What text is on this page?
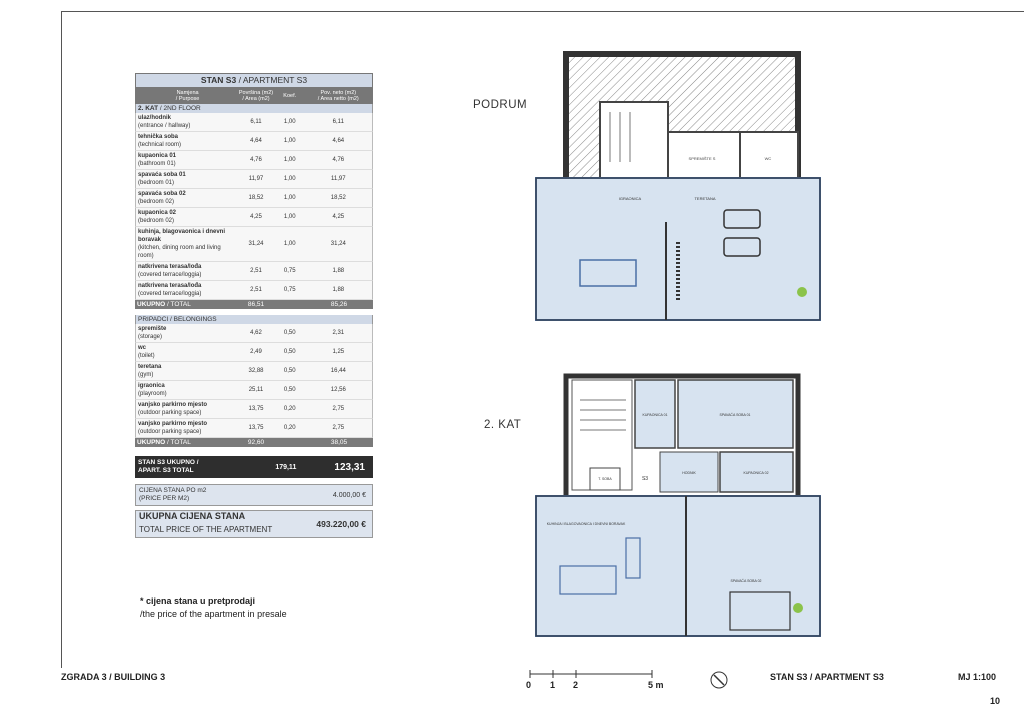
STAN S3 / APARTMENT S3
Namjena
/ Purpose
Površina (m2)
/ Area (m2) Koef.	Pov. neto (m2)
/ Area netto (m2)
2. KAT / 2ND FLOOR
ulaz/hodnik
(entrance / hallway)
6,11	1,00	6,11
tehnička soba
(technical room)
4,64	1,00	4,64
kupaonica 01
(bathroom 01)
4,76	1,00	4,76
spavaća soba 01
(bedroom 01)
11,97	1,00	11,97
spavaća soba 02
(bedroom 02)
18,52	1,00	18,52
kupaonica 02
(bedroom 02)
4,25	1,00	4,25
kuhinja, blagovaonica i dnevni boravak
(kitchen, dining room and living room)
31,24	1,00	31,24
natkrivena terasa/lođa
(covered terrace/loggia)
2,51	0,75	1,88
natkrivena terasa/lođa
(covered terrace/loggia)
2,51	0,75	1,88
UKUPNO / TOTAL	86,51	85,26
PRIPADCI / BELONGINGS
spremište
(storage)
4,62	0,50	2,31
wc
(toilet)
2,49	0,50	1,25
teretana
(gym)
32,88	0,50	16,44
igraonica
(playroom)
25,11	0,50	12,56
vanjsko parkirno mjesto
(outdoor parking space)
13,75	0,20	2,75
vanjsko parkirno mjesto
(outdoor parking space)
13,75	0,20	2,75
UKUPNO / TOTAL	92,60	38,05
STAN S3 UKUPNO /
APART. S3 TOTAL	179,11	123,31
CIJENA STANA PO m2
(PRICE PER M2)	4.000,00 €
UKUPNA CIJENA STANA
TOTAL PRICE OF THE APARTMENT
493.220,00 €
* cijena stana u pretprodaji
/the price of the apartment in presale
PODRUM
2. KAT
SPREMIŠTE S	WC
IGRAONICA	TERETANA
KUPAONICA 01	SPAVAĆA SOBA 01
KUPAONICA 02
HODNIK
T. SOBA	S3
KUHINJA I BLAGOVAONICA I DNEVNI BORAVAK
SPAVAĆA SOBA 02
ZGRADA 3 / BUILDING 3
0 1 2	5 m
STAN S3 / APARTMENT S3	MJ 1:100
10
